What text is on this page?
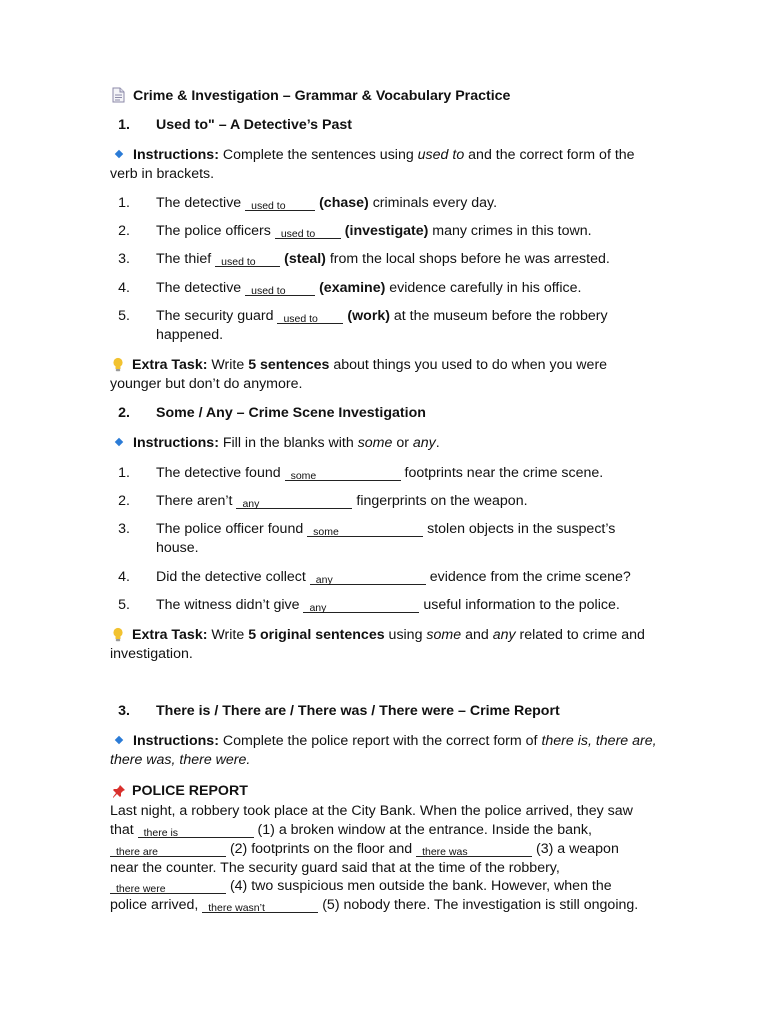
Crime & Investigation – Grammar & Vocabulary Practice
1. Used to" – A Detective’s Past
Instructions: Complete the sentences using used to and the correct form of the verb in brackets.
1. The detective used to (chase) criminals every day.
2. The police officers used to (investigate) many crimes in this town.
3. The thief used to (steal) from the local shops before he was arrested.
4. The detective used to (examine) evidence carefully in his office.
5. The security guard used to (work) at the museum before the robbery
happened.
Extra Task: Write 5 sentences about things you used to do when you were younger but don’t do anymore.
2. Some / Any – Crime Scene Investigation
Instructions: Fill in the blanks with some or any.
1. The detective found some	footprints near the crime scene.
2. There aren’t any	fingerprints on the weapon.
3. The police officer found some	stolen objects in the suspect’s
house.
4. Did the detective collect any	evidence from the crime scene?
5. The witness didn’t give any	useful information to the police.
Extra Task: Write 5 original sentences using some and any related to crime and investigation.
3. There is / There are / There was / There were – Crime Report
Instructions: Complete the police report with the correct form of there is, there are, there was, there were.
POLICE REPORT
Last night, a robbery took place at the City Bank. When the police arrived, they saw
that there is	(1) a broken window at the entrance. Inside the bank,
there are	(2) footprints on the floor and there was	(3) a weapon
near the counter. The security guard said that at the time of the robbery,
there were	(4) two suspicious men outside the bank. However, when the
police arrived, there wasn’t	(5) nobody there. The investigation is still ongoing.
